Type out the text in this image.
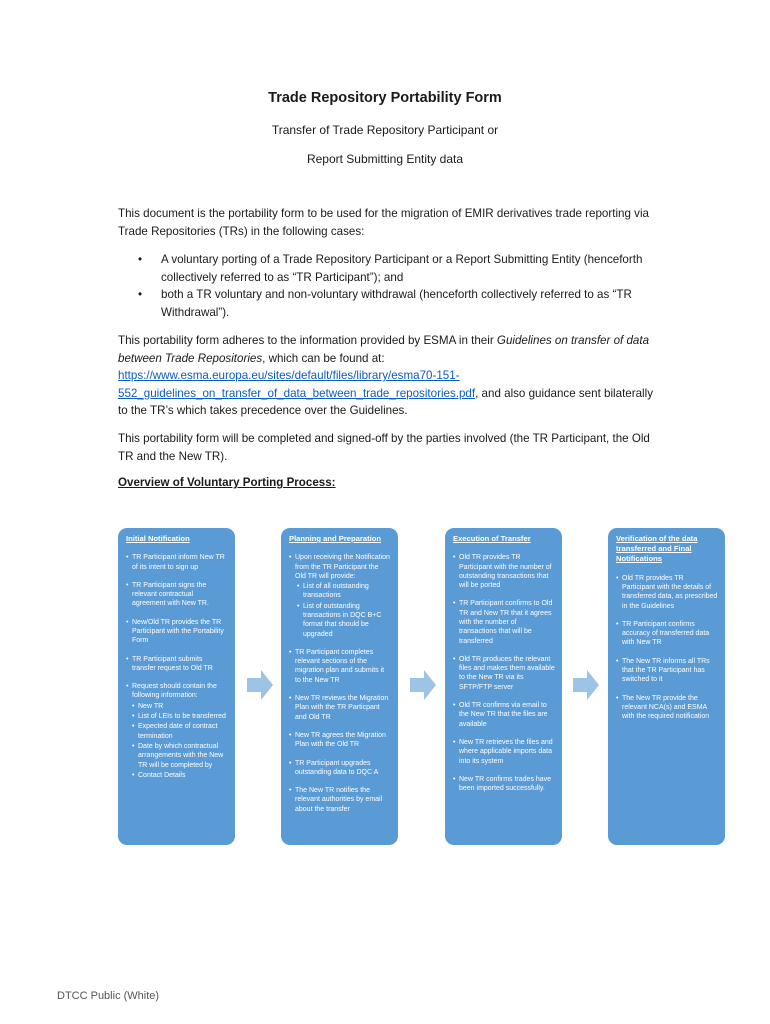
Trade Repository Portability Form
Transfer of Trade Repository Participant or
Report Submitting Entity data
This document is the portability form to be used for the migration of EMIR derivatives trade reporting via Trade Repositories (TRs) in the following cases:
• A voluntary porting of a Trade Repository Participant or a Report Submitting Entity (henceforth collectively referred to as “TR Participant”); and
• both a TR voluntary and non-voluntary withdrawal (henceforth collectively referred to as “TR Withdrawal”).
This portability form adheres to the information provided by ESMA in their Guidelines on transfer of data between Trade Repositories, which can be found at: https://www.esma.europa.eu/sites/default/files/library/esma70-151-
552_guidelines_on_transfer_of_data_between_trade_repositories.pdf, and also guidance sent bilaterally to the TR’s which takes precedence over the Guidelines.
This portability form will be completed and signed-off by the parties involved (the TR Participant, the Old TR and the New TR).
Overview of Voluntary Porting Process:
Initial Notification
• TR Participant inform New TR of its intent to sign up
• TR Participant signs the relevant contractual agreement with New TR.
• New/Old TR provides the TR Participant with the Portability Form
• TR Participant submits transfer request to Old TR
• Request should contain the following information:
• New TR
• List of LEIs to be transferred
• Expected date of contract termination
• Date by which contractual arrangements with the New TR will be completed by
• Contact Details
Planning and Preparation
• Upon receiving the Notification from the TR Participant the Old TR will provide:
• List of all outstanding transactions
• List of outstanding transactions in DQC B+C format that should be upgraded
• TR Participant completes relevant sections of the migration plan and submits it to the New TR
• New TR reviews the Migration Plan with the TR Particpant and Old TR
• New TR agrees the Migration Plan with the Old TR
• TR Participant upgrades outstanding data to DQC A
• The New TR notifies the relevant authorities by email about the transfer
Execution of Transfer
• Old TR provides TR Participant with the number of outstanding transactions that will be ported
• TR Participant confirms to Old TR and New TR that it agrees with the number of transactions that will be transferred
• Old TR produces the relevant files and makes them available to the New TR via its SFTP/FTP server
• Old TR confirms via email to the New TR that the files are available
• New TR retrieves the files and where applicable imports data into its system
• New TR confirms trades have been imported successfully.
Verification of the data transferred and Final Notifications
• Old TR provides TR Participant with the details of transferred data, as prescribed in the Guidelines
• TR Participant confirms accuracy of transferred data with New TR
• The New TR informs all TRs that the TR Participant has switched to it
• The New TR provide the relevant NCA(s) and ESMA with the required notification
DTCC Public (White)
